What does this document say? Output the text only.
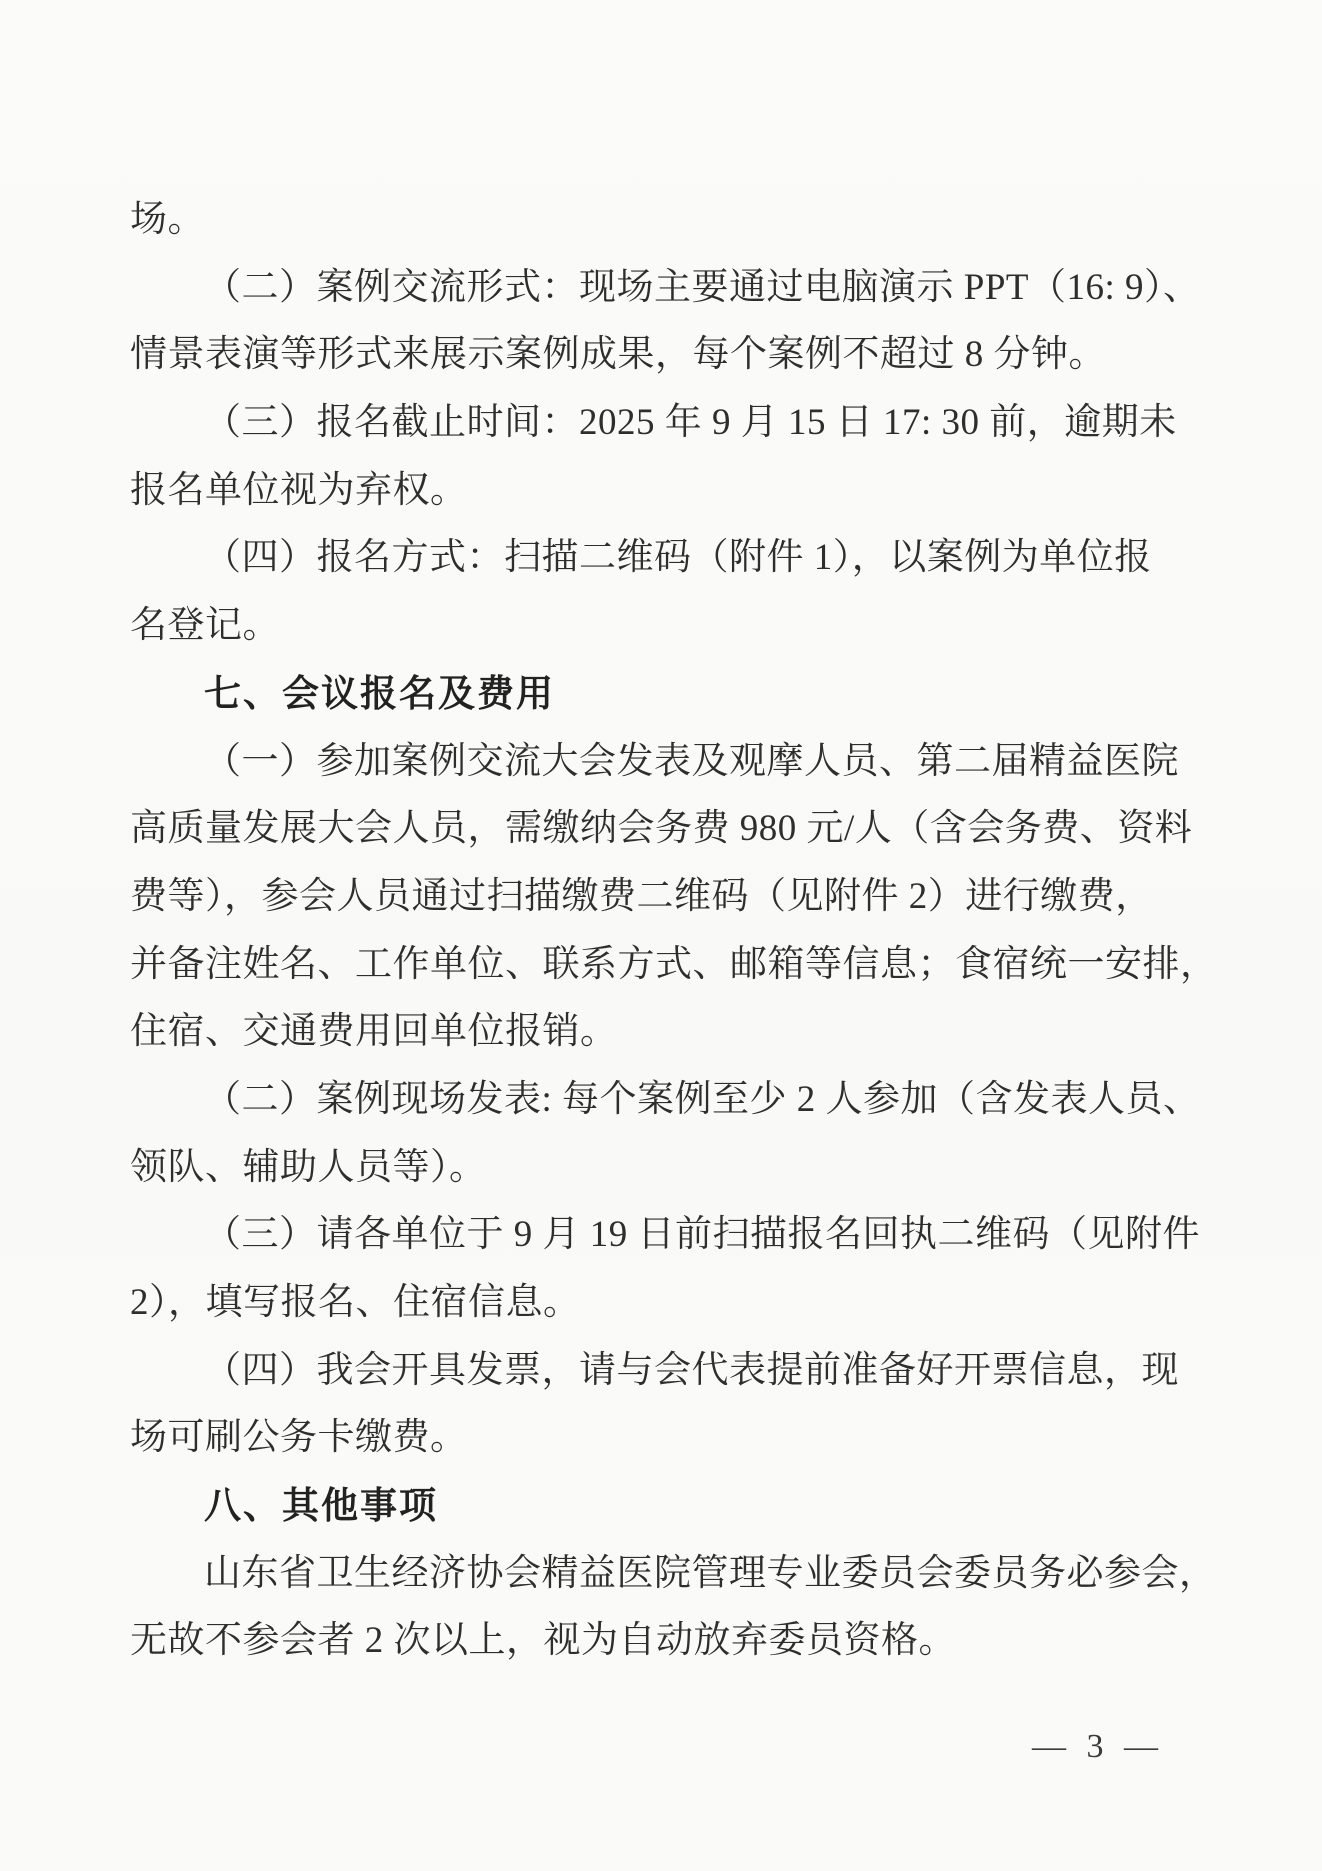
场。
（二）案例交流形式：现场主要通过电脑演示 PPT（16: 9）、
情景表演等形式来展示案例成果，每个案例不超过 8 分钟。
（三）报名截止时间：2025 年 9 月 15 日 17: 30 前，逾期未
报名单位视为弃权。
（四）报名方式：扫描二维码（附件 1），以案例为单位报
名登记。
七、会议报名及费用
（一）参加案例交流大会发表及观摩人员、第二届精益医院
高质量发展大会人员，需缴纳会务费 980 元/人（含会务费、资料
费等），参会人员通过扫描缴费二维码（见附件 2）进行缴费，
并备注姓名、工作单位、联系方式、邮箱等信息；食宿统一安排，
住宿、交通费用回单位报销。
（二）案例现场发表: 每个案例至少 2 人参加（含发表人员、
领队、辅助人员等）。
（三）请各单位于 9 月 19 日前扫描报名回执二维码（见附件
2），填写报名、住宿信息。
（四）我会开具发票，请与会代表提前准备好开票信息，现
场可刷公务卡缴费。
八、其他事项
山东省卫生经济协会精益医院管理专业委员会委员务必参会，
无故不参会者 2 次以上，视为自动放弃委员资格。
— 3 —
